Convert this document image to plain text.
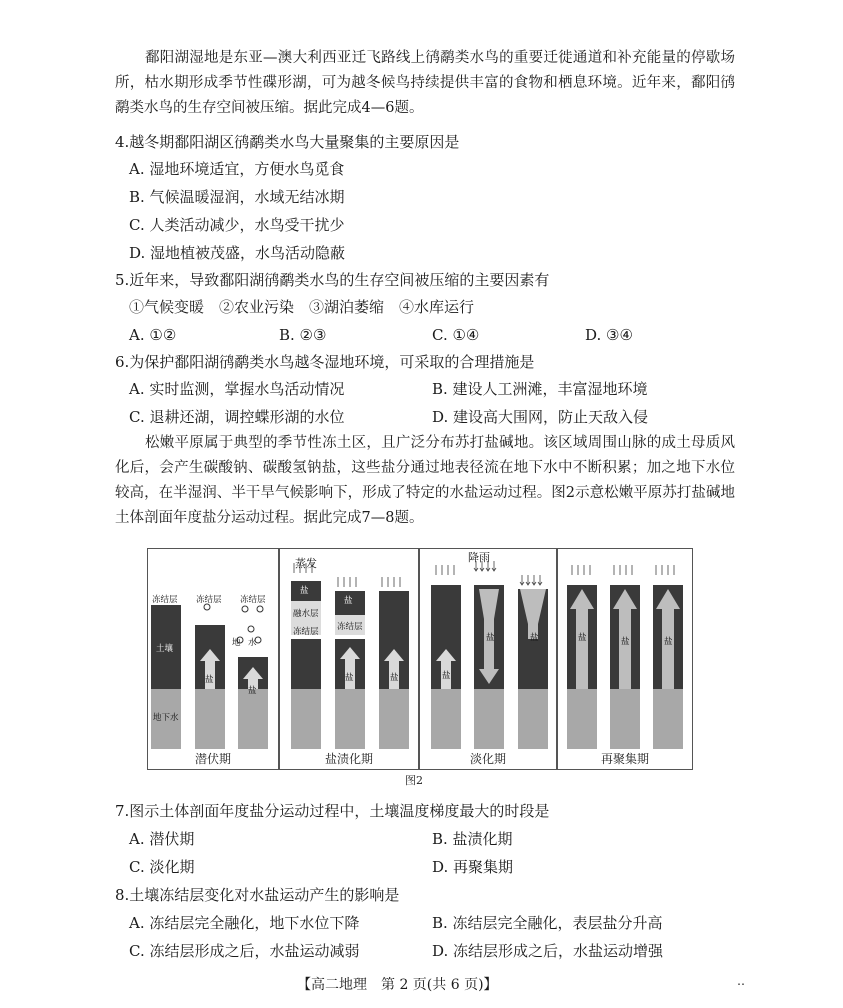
鄱阳湖湿地是东亚—澳大利西亚迁飞路线上鸻鹬类水鸟的重要迁徙通道和补充能量的停歇场所，枯水期形成季节性碟形湖，可为越冬候鸟持续提供丰富的食物和栖息环境。近年来，鄱阳鸻鹬类水鸟的生存空间被压缩。据此完成4—6题。
4.越冬期鄱阳湖区鸻鹬类水鸟大量聚集的主要原因是
A. 湿地环境适宜，方便水鸟觅食
B. 气候温暖湿润，水域无结冰期
C. 人类活动减少，水鸟受干扰少
D. 湿地植被茂盛，水鸟活动隐蔽
5.近年来，导致鄱阳湖鸻鹬类水鸟的生存空间被压缩的主要因素有
①气候变暖　②农业污染　③湖泊萎缩　④水库运行
A. ①②	B. ②③	C. ①④	D. ③④
6.为保护鄱阳湖鸻鹬类水鸟越冬湿地环境，可采取的合理措施是
A. 实时监测，掌握水鸟活动情况	B. 建设人工洲滩，丰富湿地环境
C. 退耕还湖，调控蝶形湖的水位	D. 建设高大围网，防止天敌入侵
松嫩平原属于典型的季节性冻土区，且广泛分布苏打盐碱地。该区域周围山脉的成土母质风化后，会产生碳酸钠、碳酸氢钠盐，这些盐分通过地表径流在地下水中不断积累；加之地下水位较高，在半湿润、半干旱气候影响下，形成了特定的水盐运动过程。图2示意松嫩平原苏打盐碱地土体剖面年度盐分运动过程。据此完成7—8题。
冻结层
土壤
地下水
冻结层 冻结层
地 水
盐
盐
潜伏期
蒸发
盐
融水层
冻结层
盐
冻结层
盐	盐
盐渍化期
降雨
盐
盐	盐
淡化期
盐	盐	盐
再聚集期
图2
7.图示土体剖面年度盐分运动过程中，土壤温度梯度最大的时段是
A. 潜伏期	B. 盐渍化期
C. 淡化期	D. 再聚集期
8.土壤冻结层变化对水盐运动产生的影响是
A. 冻结层完全融化，地下水位下降	B. 冻结层完全融化，表层盐分升高
C. 冻结层形成之后，水盐运动减弱	D. 冻结层形成之后，水盐运动增强
【高二地理　第 2 页(共 6 页)】	‥
